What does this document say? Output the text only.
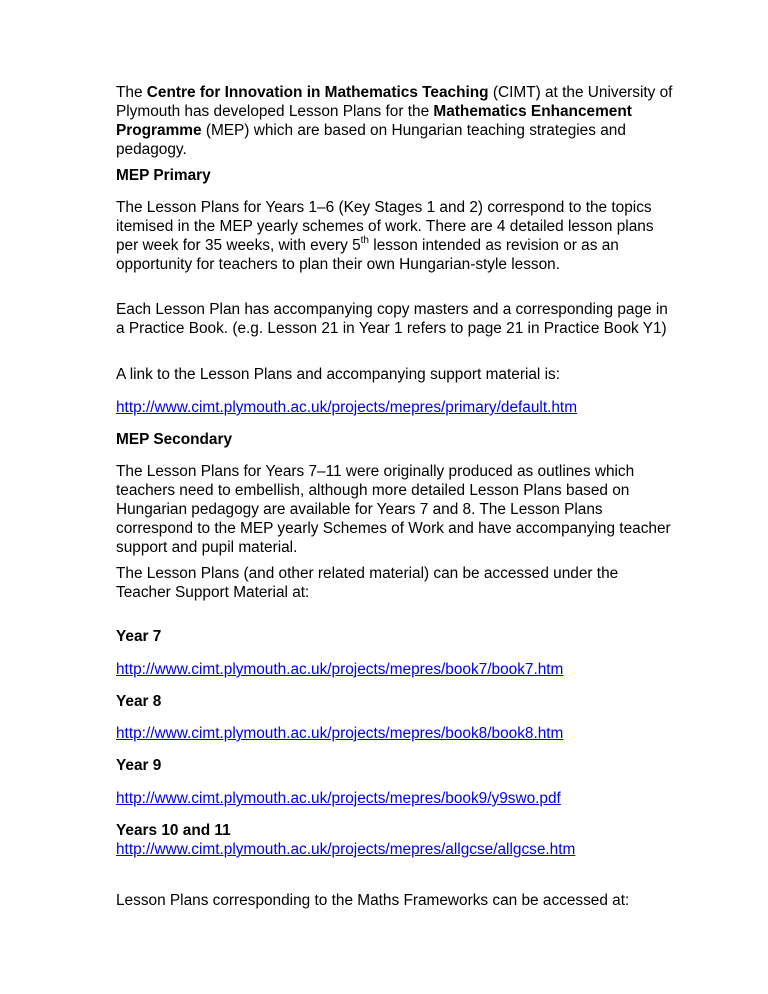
The Centre for Innovation in Mathematics Teaching (CIMT) at the University of Plymouth has developed Lesson Plans for the Mathematics Enhancement Programme (MEP) which are based on Hungarian teaching strategies and pedagogy.

MEP Primary

The Lesson Plans for Years 1–6 (Key Stages 1 and 2) correspond to the topics itemised in the MEP yearly schemes of work. There are 4 detailed lesson plans per week for 35 weeks, with every 5th lesson intended as revision or as an opportunity for teachers to plan their own Hungarian-style lesson.

Each Lesson Plan has accompanying copy masters and a corresponding page in a Practice Book. (e.g. Lesson 21 in Year 1 refers to page 21 in Practice Book Y1)

A link to the Lesson Plans and accompanying support material is:

http://www.cimt.plymouth.ac.uk/projects/mepres/primary/default.htm

MEP Secondary

The Lesson Plans for Years 7–11 were originally produced as outlines which teachers need to embellish, although more detailed Lesson Plans based on Hungarian pedagogy are available for Years 7 and 8. The Lesson Plans correspond to the MEP yearly Schemes of Work and have accompanying teacher support and pupil material.

The Lesson Plans (and other related material) can be accessed under the Teacher Support Material at:

Year 7

http://www.cimt.plymouth.ac.uk/projects/mepres/book7/book7.htm

Year 8

http://www.cimt.plymouth.ac.uk/projects/mepres/book8/book8.htm

Year 9

http://www.cimt.plymouth.ac.uk/projects/mepres/book9/y9swo.pdf

Years 10 and 11

http://www.cimt.plymouth.ac.uk/projects/mepres/allgcse/allgcse.htm

Lesson Plans corresponding to the Maths Frameworks can be accessed at:
